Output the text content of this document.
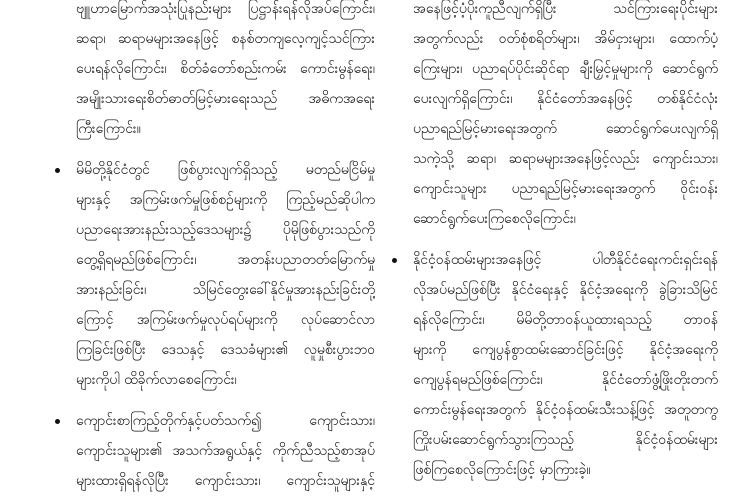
ဗျူဟာမြောက်အသုံးပြုနည်းများ ပြဋ္ဌာန်းရန်လိုအပ်ကြောင်း၊
ဆရာ၊ ဆရာမများအနေဖြင့် စနစ်တကျလေ့ကျင့်သင်ကြား
ပေးရန်လိုကြောင်း၊ စိတ်ခံတော်စည်းကမ်း ကောင်းမွန်ရေး၊
အမျိုးသားရေးစိတ်ဓာတ်မြင့်မားရေးသည် အဓိကအရေး
ကြီးကြောင်း။
မိမိတို့နိုင်ငံတွင် ဖြစ်ပွားလျက်ရှိသည့် မတည်မငြိမ်မှု
များနှင့် အကြမ်းဖက်မှုဖြစ်စဉ်များကို ကြည့်မည်ဆိုပါက
ပညာရေးအားနည်းသည့်ဒေသများ၌ ပိုမိုဖြစ်ပွားသည်ကို
တွေ့ရှိရမည်ဖြစ်ကြောင်း၊ အတန်းပညာတတ်မြောက်မှု
အားနည်းခြင်း၊ သိမြင်တွေးခေါ်နိုင်မှုအားနည်းခြင်းတို့
ကြောင့် အကြမ်းဖက်မှုလုပ်ရပ်များကို လုပ်ဆောင်လာ
ကြခြင်းဖြစ်ပြီး ဒေသနှင့် ဒေသခံများ၏ လူမှုစီးပွားဘဝ
များကိုပါ ထိခိုက်လာစေကြောင်း၊
ကျောင်းစာကြည့်တိုက်နှင့်ပတ်သက်၍ ကျောင်းသား၊
ကျောင်းသူများ၏ အသက်အရွယ်နှင့် ကိုက်ညီသည့်စာအုပ်
များထားရှိရန်လိုပြီး ကျောင်းသား၊ ကျောင်းသူများနှင့်
အနေဖြင့်ပံ့ပိုးကူညီလျက်ရှိပြီး သင်ကြားရေးပိုင်းများ
အတွက်လည်း ဝတ်စုံစရိတ်များ၊ အိမ်ငှားများ၊ ထောက်ပံ့
ကြေးများ၊ ပညာရပ်ပိုင်းဆိုင်ရာ ချီးမြှင့်မှုများကို ဆောင်ရွက်
ပေးလျက်ရှိကြောင်း၊ နိုင်ငံတော်အနေဖြင့် တစ်နိုင်ငံလုံး
ပညာရည်မြင့်မားရေးအတွက် ဆောင်ရွက်ပေးလျက်ရှိ
သကဲ့သို့ ဆရာ၊ ဆရာမများအနေဖြင့်လည်း ကျောင်းသား၊
ကျောင်းသူများ ပညာရည်မြင့်မားရေးအတွက် ဝိုင်းဝန်း
ဆောင်ရွက်ပေးကြစေလိုကြောင်း၊
နိုင်ငံ့ဝန်ထမ်းများအနေဖြင့် ပါတီနိုင်ငံရေးကင်းရှင်းရန်
လိုအပ်မည်ဖြစ်ပြီး နိုင်ငံရေးနှင့် နိုင်ငံ့အရေးကို ခွဲခြားသိမြင်
ရန်လိုကြောင်း၊ မိမိတို့တာဝန်ယူထားရသည့် တာဝန်
များကို ကျေပွန်စွာထမ်းဆောင်ခြင်းဖြင့် နိုင်ငံ့အရေးကို
ကျေပွန်ရမည်ဖြစ်ကြောင်း၊ နိုင်ငံတော်ဖွံ့ဖြိုးတိုးတက်
ကောင်းမွန်ရေးအတွက် နိုင်ငံ့ဝန်ထမ်းသီးသန့်ဖြင့် အတူတကွ
ကြိုးပမ်းဆောင်ရွက်သွားကြသည့် နိုင်ငံ့ဝန်ထမ်းများ
ဖြစ်ကြစေလိုကြောင်းဖြင့် မှာကြားခဲ့။
